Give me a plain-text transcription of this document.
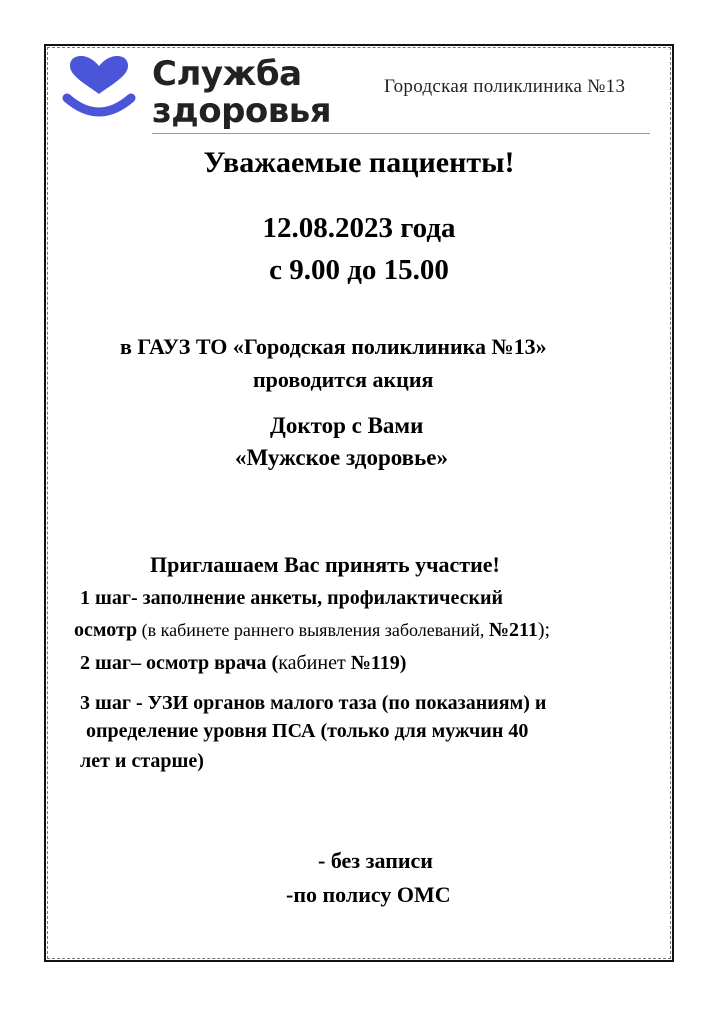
Служба
здоровья
Городская поликлиника №13
Уважаемые пациенты!
12.08.2023 года
с 9.00 до 15.00
в ГАУЗ ТО «Городская поликлиника №13»
проводится акция
Доктор с Вами
«Мужское здоровье»
Приглашаем Вас принять участие!
1 шаг- заполнение анкеты, профилактический
осмотр (в кабинете раннего выявления заболеваний, №211);
2 шаг– осмотр врача (кабинет №119)
3 шаг - УЗИ органов малого таза (по показаниям) и
определение уровня ПСА (только для мужчин 40
лет и старше)
- без записи
-по полису ОМС
